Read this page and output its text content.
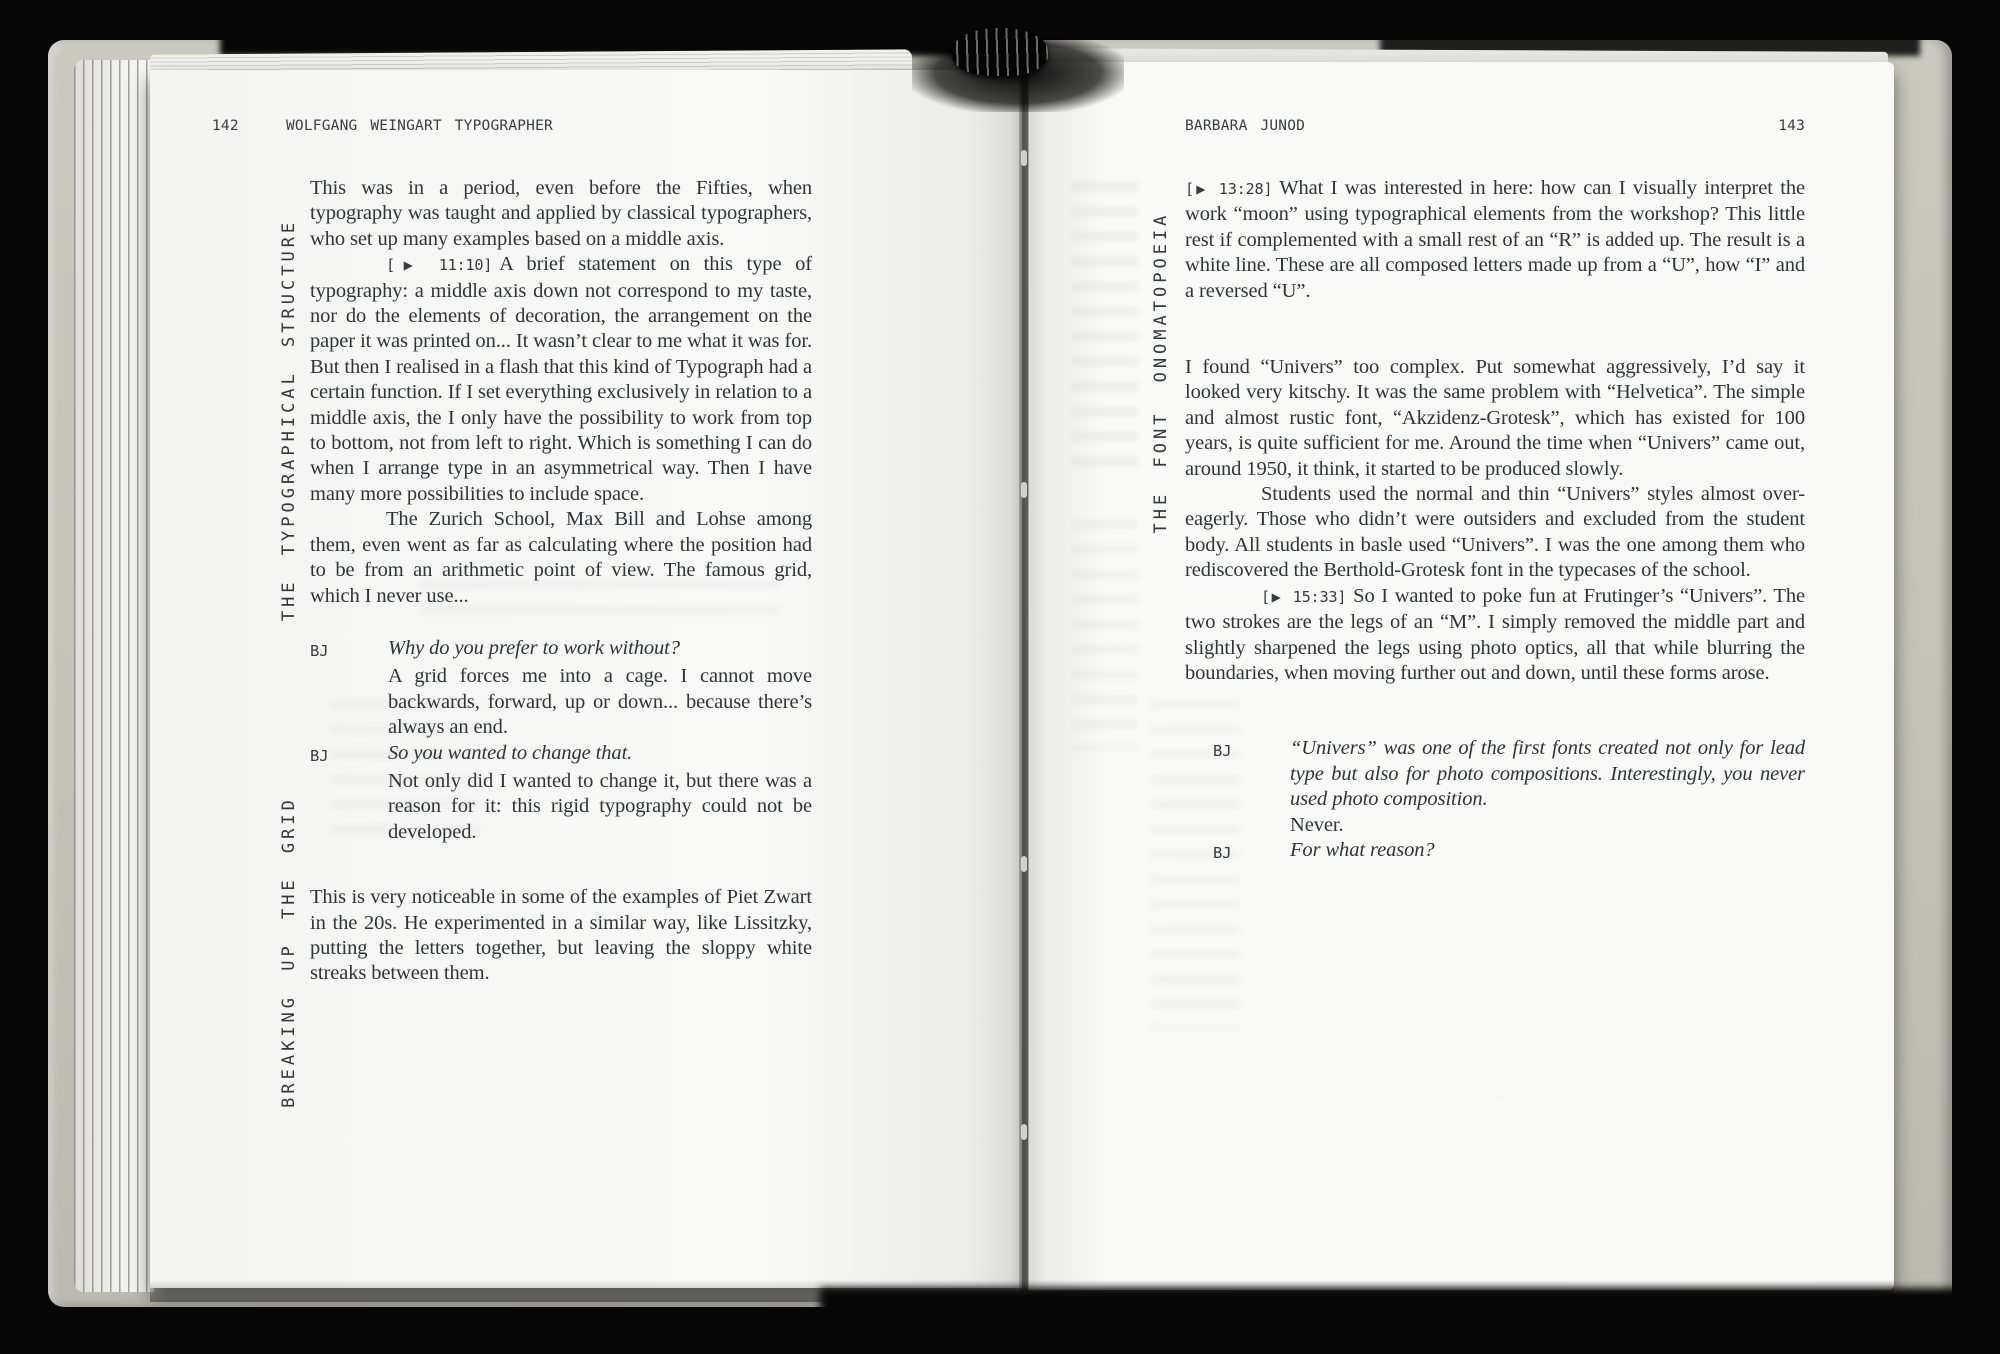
142	WOLFGANG WEINGART TYPOGRAPHER	BARBARA JUNOD	143
THE TYPOGRAPHICAL STRUCTURE
BREAKING UP THE GRID
ONOMATOPOEIA
THE FONT

This was in a period, even before the Fifties, when typography was taught and applied by classical typographers, who set up many examples based on a middle axis.

[▶ 11:10] A brief statement on this type of typography: a middle axis down not correspond to my taste, nor do the elements of decoration, the arrangement on the paper it was printed on... It wasn’t clear to me what it was for. But then I realised in a flash that this kind of Typograph had a certain function. If I set everything exclusively in relation to a middle axis, the I only have the possibility to work from top to bottom, not from left to right. Which is something I can do when I arrange type in an asymmetrical way. Then I have many more possibilities to include space.

The Zurich School, Max Bill and Lohse among them, even went as far as calculating where the position had to be from an arithmetic point of view. The famous grid, which I never use...

BJ	Why do you prefer to work without?
A grid forces me into a cage. I cannot move backwards, forward, up or down... because there’s always an end.
BJ	So you wanted to change that.
Not only did I wanted to change it, but there was a reason for it: this rigid typography could not be developed.

This is very noticeable in some of the examples of Piet Zwart in the 20s. He experimented in a similar way, like Lissitzky, putting the letters together, but leaving the sloppy white streaks between them.

[▶ 13:28] What I was interested in here: how can I visually interpret the work “moon” using typographical elements from the workshop? This little rest if complemented with a small rest of an “R” is added up. The result is a white line. These are all composed letters made up from a “U”, how “I” and a reversed “U”.

I found “Univers” too complex. Put somewhat aggressively, I’d say it looked very kitschy. It was the same problem with “Helvetica”. The simple and almost rustic font, “Akzidenz-Grotesk”, which has existed for 100 years, is quite sufficient for me. Around the time when “Univers” came out, around 1950, it think, it started to be produced slowly.

Students used the normal and thin “Univers” styles almost over-eagerly. Those who didn’t were outsiders and excluded from the student body. All students in basle used “Univers”. I was the one among them who rediscovered the Berthold-Grotesk font in the typecases of the school.

[▶ 15:33] So I wanted to poke fun at Frutinger’s “Univers”. The two strokes are the legs of an “M”. I simply removed the middle part and slightly sharpened the legs using photo optics, all that while blurring the boundaries, when moving further out and down, until these forms arose.

BJ	“Univers” was one of the first fonts created not only for lead type but also for photo compositions. Interestingly, you never used photo composition.
Never.
BJ	For what reason?
